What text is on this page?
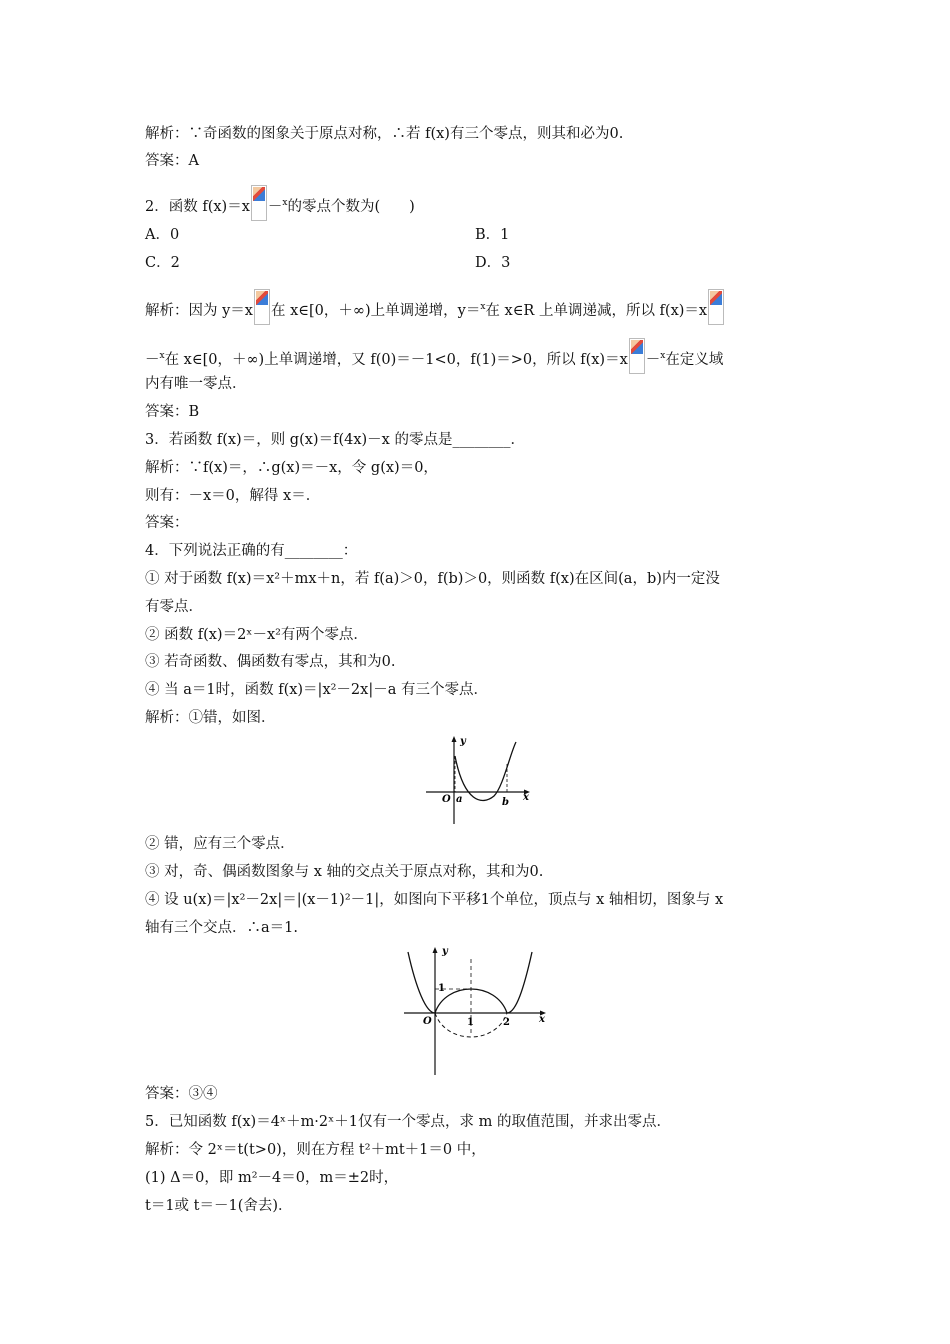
解析：∵奇函数的图象关于原点对称，∴若 f(x)有三个零点，则其和必为0.
答案：A
2．函数 f(x)＝x －$^x$的零点个数为(　　)
A．0	B．1
C．2	D．3
解析：因为 y＝x 在 x∈[0，＋∞)上单调递增，y＝$^x$在 x∈R 上单调递减，所以 f(x)＝x
－$^x$在 x∈[0，＋∞)上单调递增，又 f(0)＝－1<0，f(1)＝>0，所以 f(x)＝x －$^x$在定义域
内有唯一零点．
答案：B
3．若函数 f(x)＝，则 g(x)＝f(4x)－x 的零点是________．
解析：∵f(x)＝，∴g(x)＝－x，令 g(x)＝0，
则有：－x＝0，解得 x＝．
答案：
4．下列说法正确的有________：
① 对于函数 f(x)＝x²＋mx＋n，若 f(a)＞0，f(b)＞0，则函数 f(x)在区间(a，b)内一定没
有零点．
② 函数 f(x)＝2ˣ－x²有两个零点．
③ 若奇函数、偶函数有零点，其和为0.
④ 当 a＝1时，函数 f(x)＝|x²－2x|－a 有三个零点．
解析：①错，如图．
y
x
O a	b
② 错，应有三个零点．
③ 对，奇、偶函数图象与 x 轴的交点关于原点对称，其和为0.
④ 设 u(x)＝|x²－2x|＝|(x－1)²－1|，如图向下平移1个单位，顶点与 x 轴相切，图象与 x
轴有三个交点．∴a＝1.
y
x
O
1
1	2
答案：③④
5．已知函数 f(x)＝4ˣ＋m·2ˣ＋1仅有一个零点，求 m 的取值范围，并求出零点．
解析：令 2ˣ＝t(t>0)，则在方程 t²＋mt＋1＝0 中，
(1) Δ＝0，即 m²－4＝0，m＝±2时，
t＝1或 t＝－1(舍去)．
